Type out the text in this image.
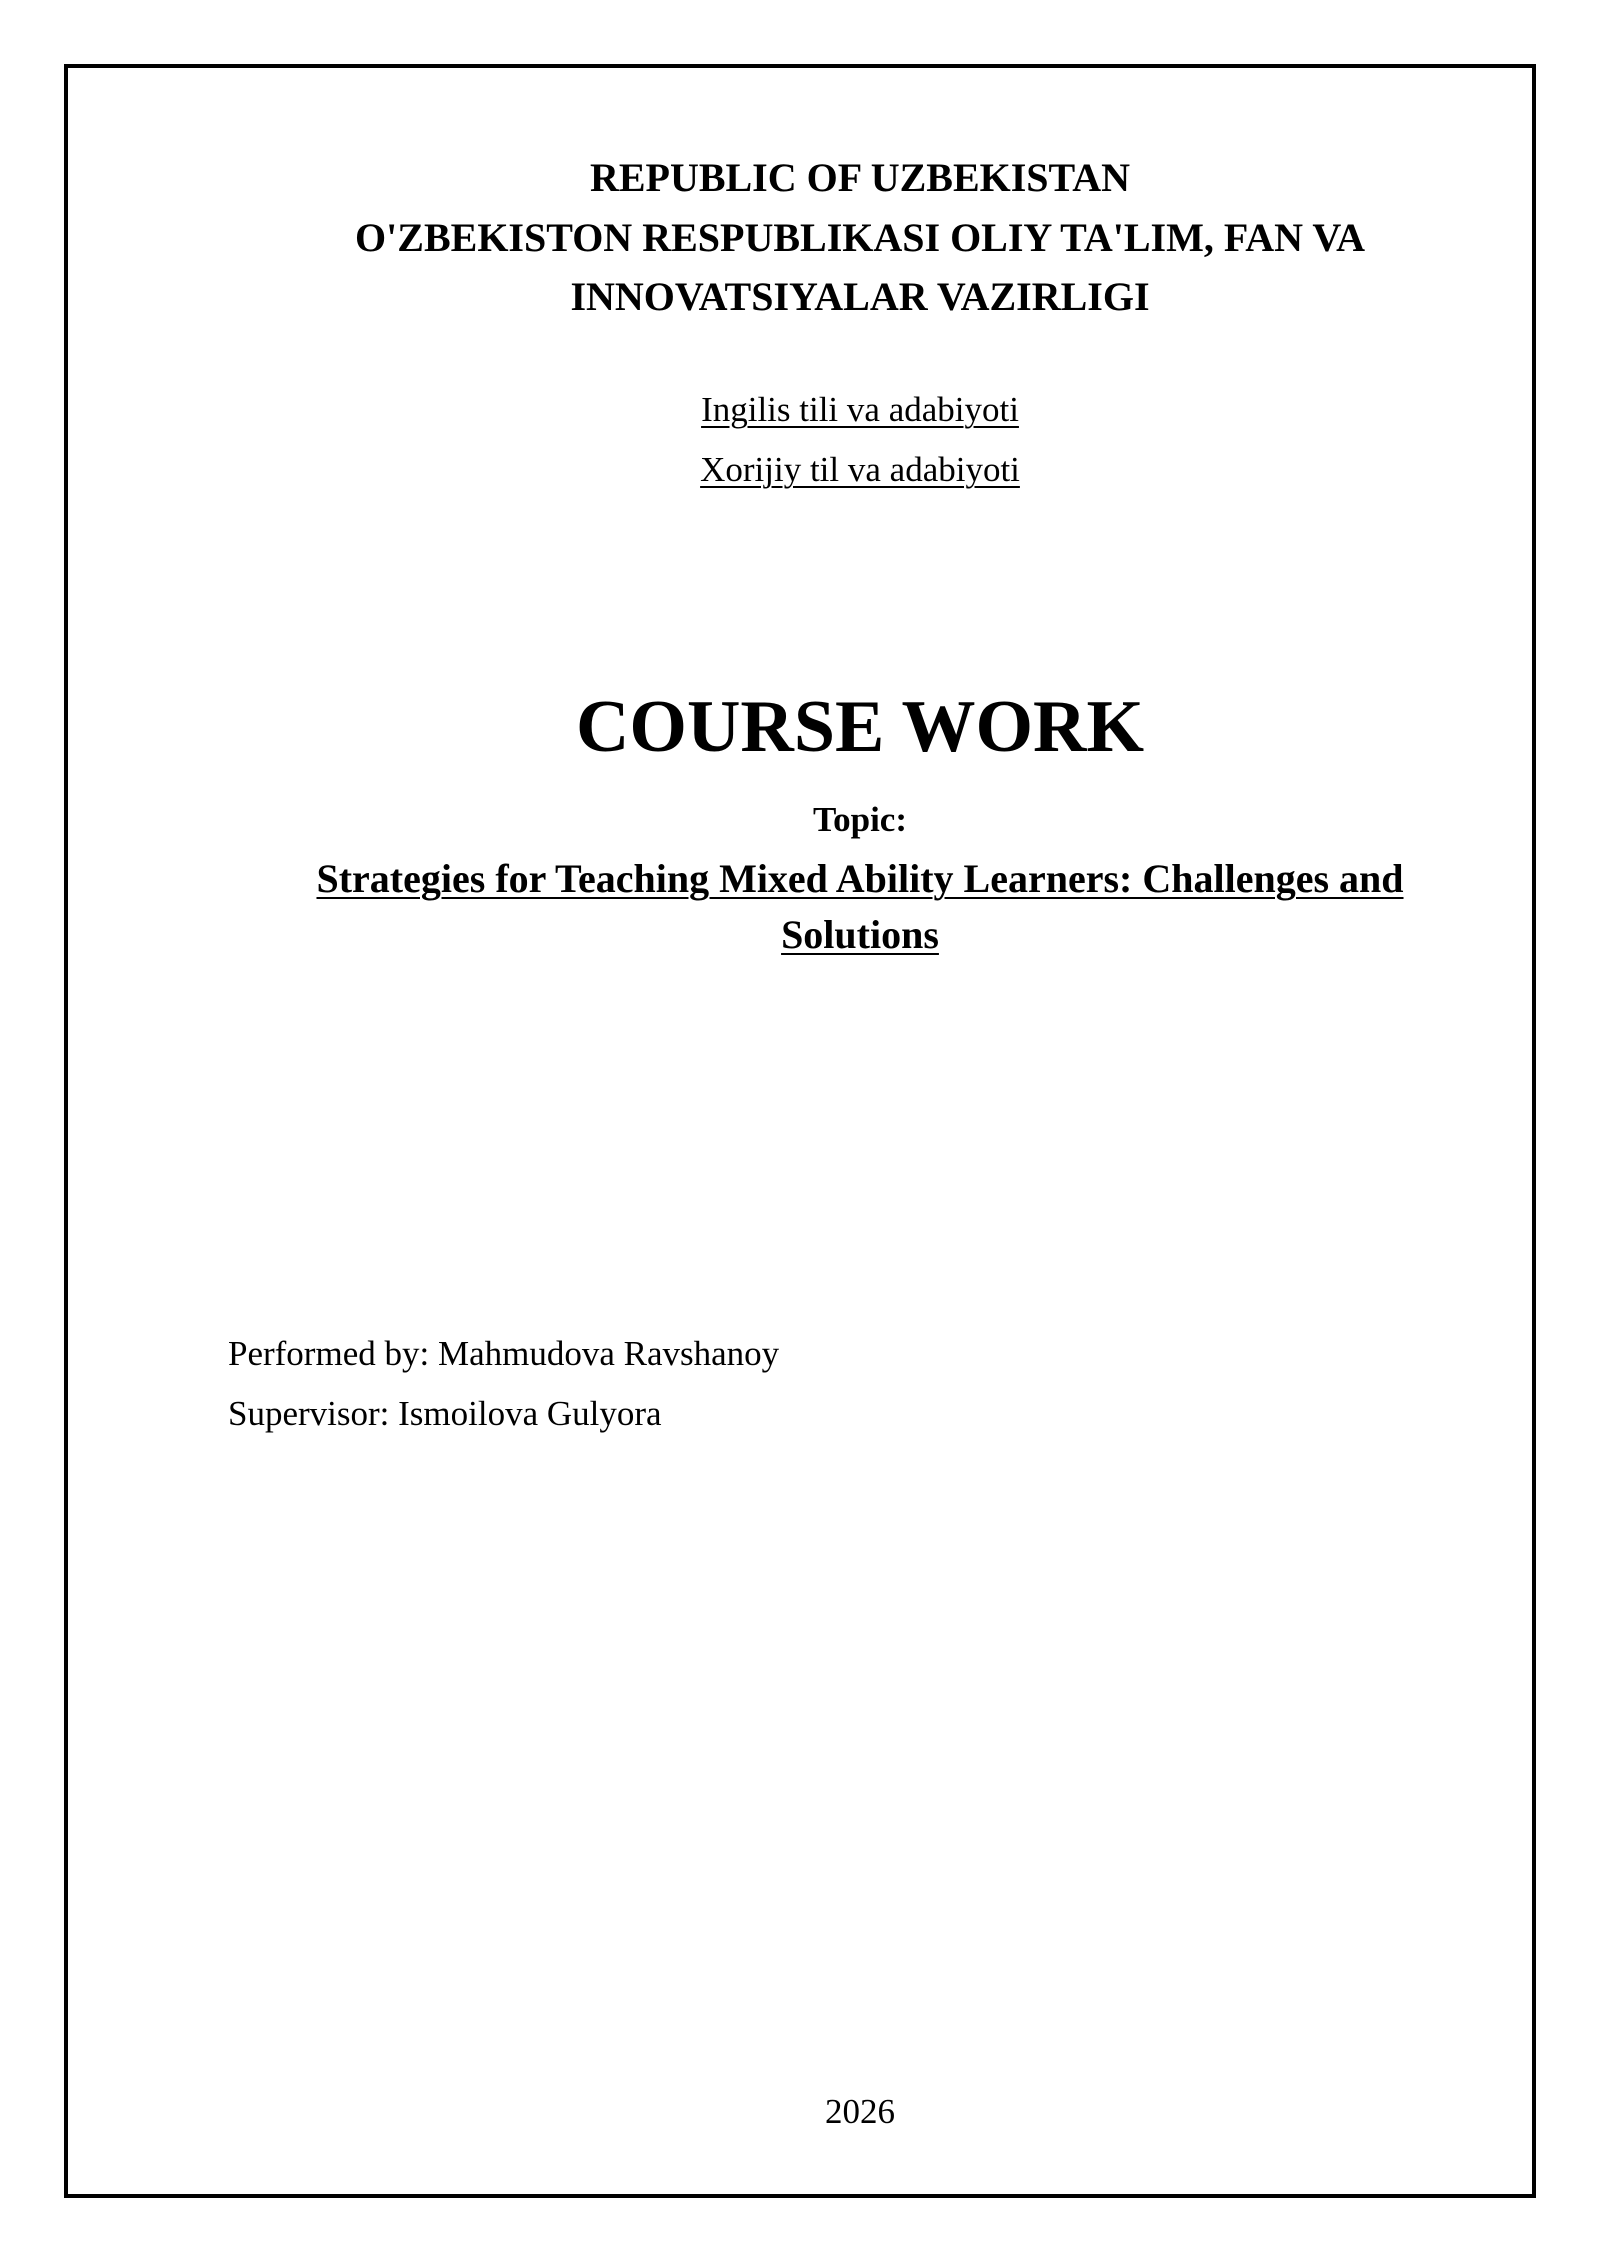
REPUBLIC OF UZBEKISTAN
O'ZBEKISTON RESPUBLIKASI OLIY TA'LIM, FAN VA
INNOVATSIYALAR VAZIRLIGI
Ingilis tili va adabiyoti
Xorijiy til va adabiyoti
COURSE WORK
Topic:
Strategies for Teaching Mixed Ability Learners: Challenges and
Solutions
Performed by: Mahmudova Ravshanoy
Supervisor: Ismoilova Gulyora
2026
